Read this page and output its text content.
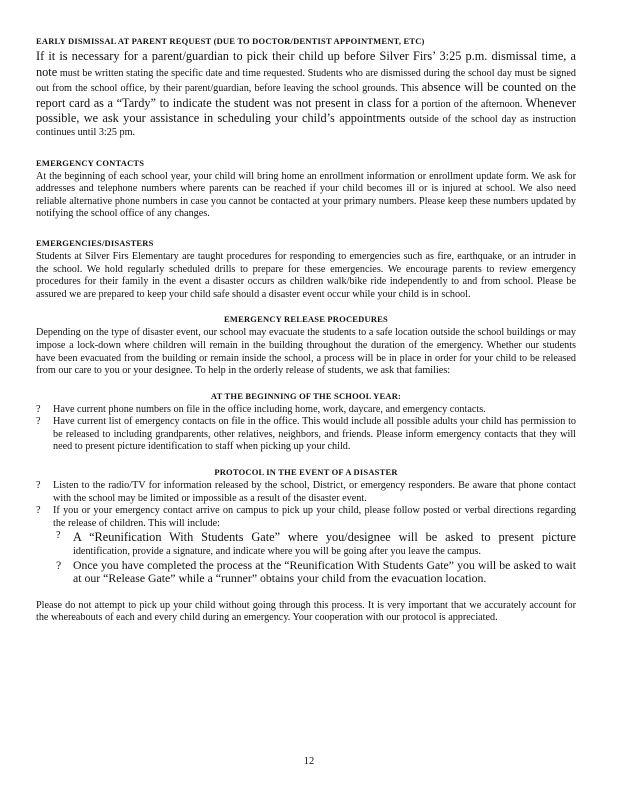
EARLY DISMISSAL AT PARENT REQUEST (DUE TO DOCTOR/DENTIST APPOINTMENT, ETC)

If it is necessary for a parent/guardian to pick their child up before Silver Firs’ 3:25 p.m. dismissal time, a note must be written stating the specific date and time requested. Students who are dismissed during the school day must be signed out from the school office, by their parent/guardian, before leaving the school grounds. This absence will be counted on the report card as a “Tardy” to indicate the student was not present in class for a portion of the afternoon. Whenever possible, we ask your assistance in scheduling your child’s appointments outside of the school day as instruction continues until 3:25 pm.

EMERGENCY CONTACTS

At the beginning of each school year, your child will bring home an enrollment information or enrollment update form. We ask for addresses and telephone numbers where parents can be reached if your child becomes ill or is injured at school. We also need reliable alternative phone numbers in case you cannot be contacted at your primary numbers. Please keep these numbers updated by notifying the school office of any changes.

EMERGENCIES/DISASTERS

Students at Silver Firs Elementary are taught procedures for responding to emergencies such as fire, earthquake, or an intruder in the school. We hold regularly scheduled drills to prepare for these emergencies. We encourage parents to review emergency procedures for their family in the event a disaster occurs as children walk/bike ride independently to and from school. Please be assured we are prepared to keep your child safe should a disaster event occur while your child is in school.

EMERGENCY RELEASE PROCEDURES

Depending on the type of disaster event, our school may evacuate the students to a safe location outside the school buildings or may impose a lock-down where children will remain in the building throughout the duration of the emergency. Whether our students have been evacuated from the building or remain inside the school, a process will be in place in order for your child to be released from our care to you or your designee. To help in the orderly release of students, we ask that families:

AT THE BEGINNING OF THE SCHOOL YEAR:

? Have current phone numbers on file in the office including home, work, daycare, and emergency contacts.
? Have current list of emergency contacts on file in the office. This would include all possible adults your child has permission to be released to including grandparents, other relatives, neighbors, and friends. Please inform emergency contacts that they will need to present picture identification to staff when picking up your child.

PROTOCOL IN THE EVENT OF A DISASTER

? Listen to the radio/TV for information released by the school, District, or emergency responders. Be aware that phone contact with the school may be limited or impossible as a result of the disaster event.
? If you or your emergency contact arrive on campus to pick up your child, please follow posted or verbal directions regarding the release of children. This will include:
? A “Reunification With Students Gate” where you/designee will be asked to present picture identification, provide a signature, and indicate where you will be going after you leave the campus.
? Once you have completed the process at the “Reunification With Students Gate” you will be asked to wait at our “Release Gate” while a “runner” obtains your child from the evacuation location.

Please do not attempt to pick up your child without going through this process. It is very important that we accurately account for the whereabouts of each and every child during an emergency. Your cooperation with our protocol is appreciated.

12
